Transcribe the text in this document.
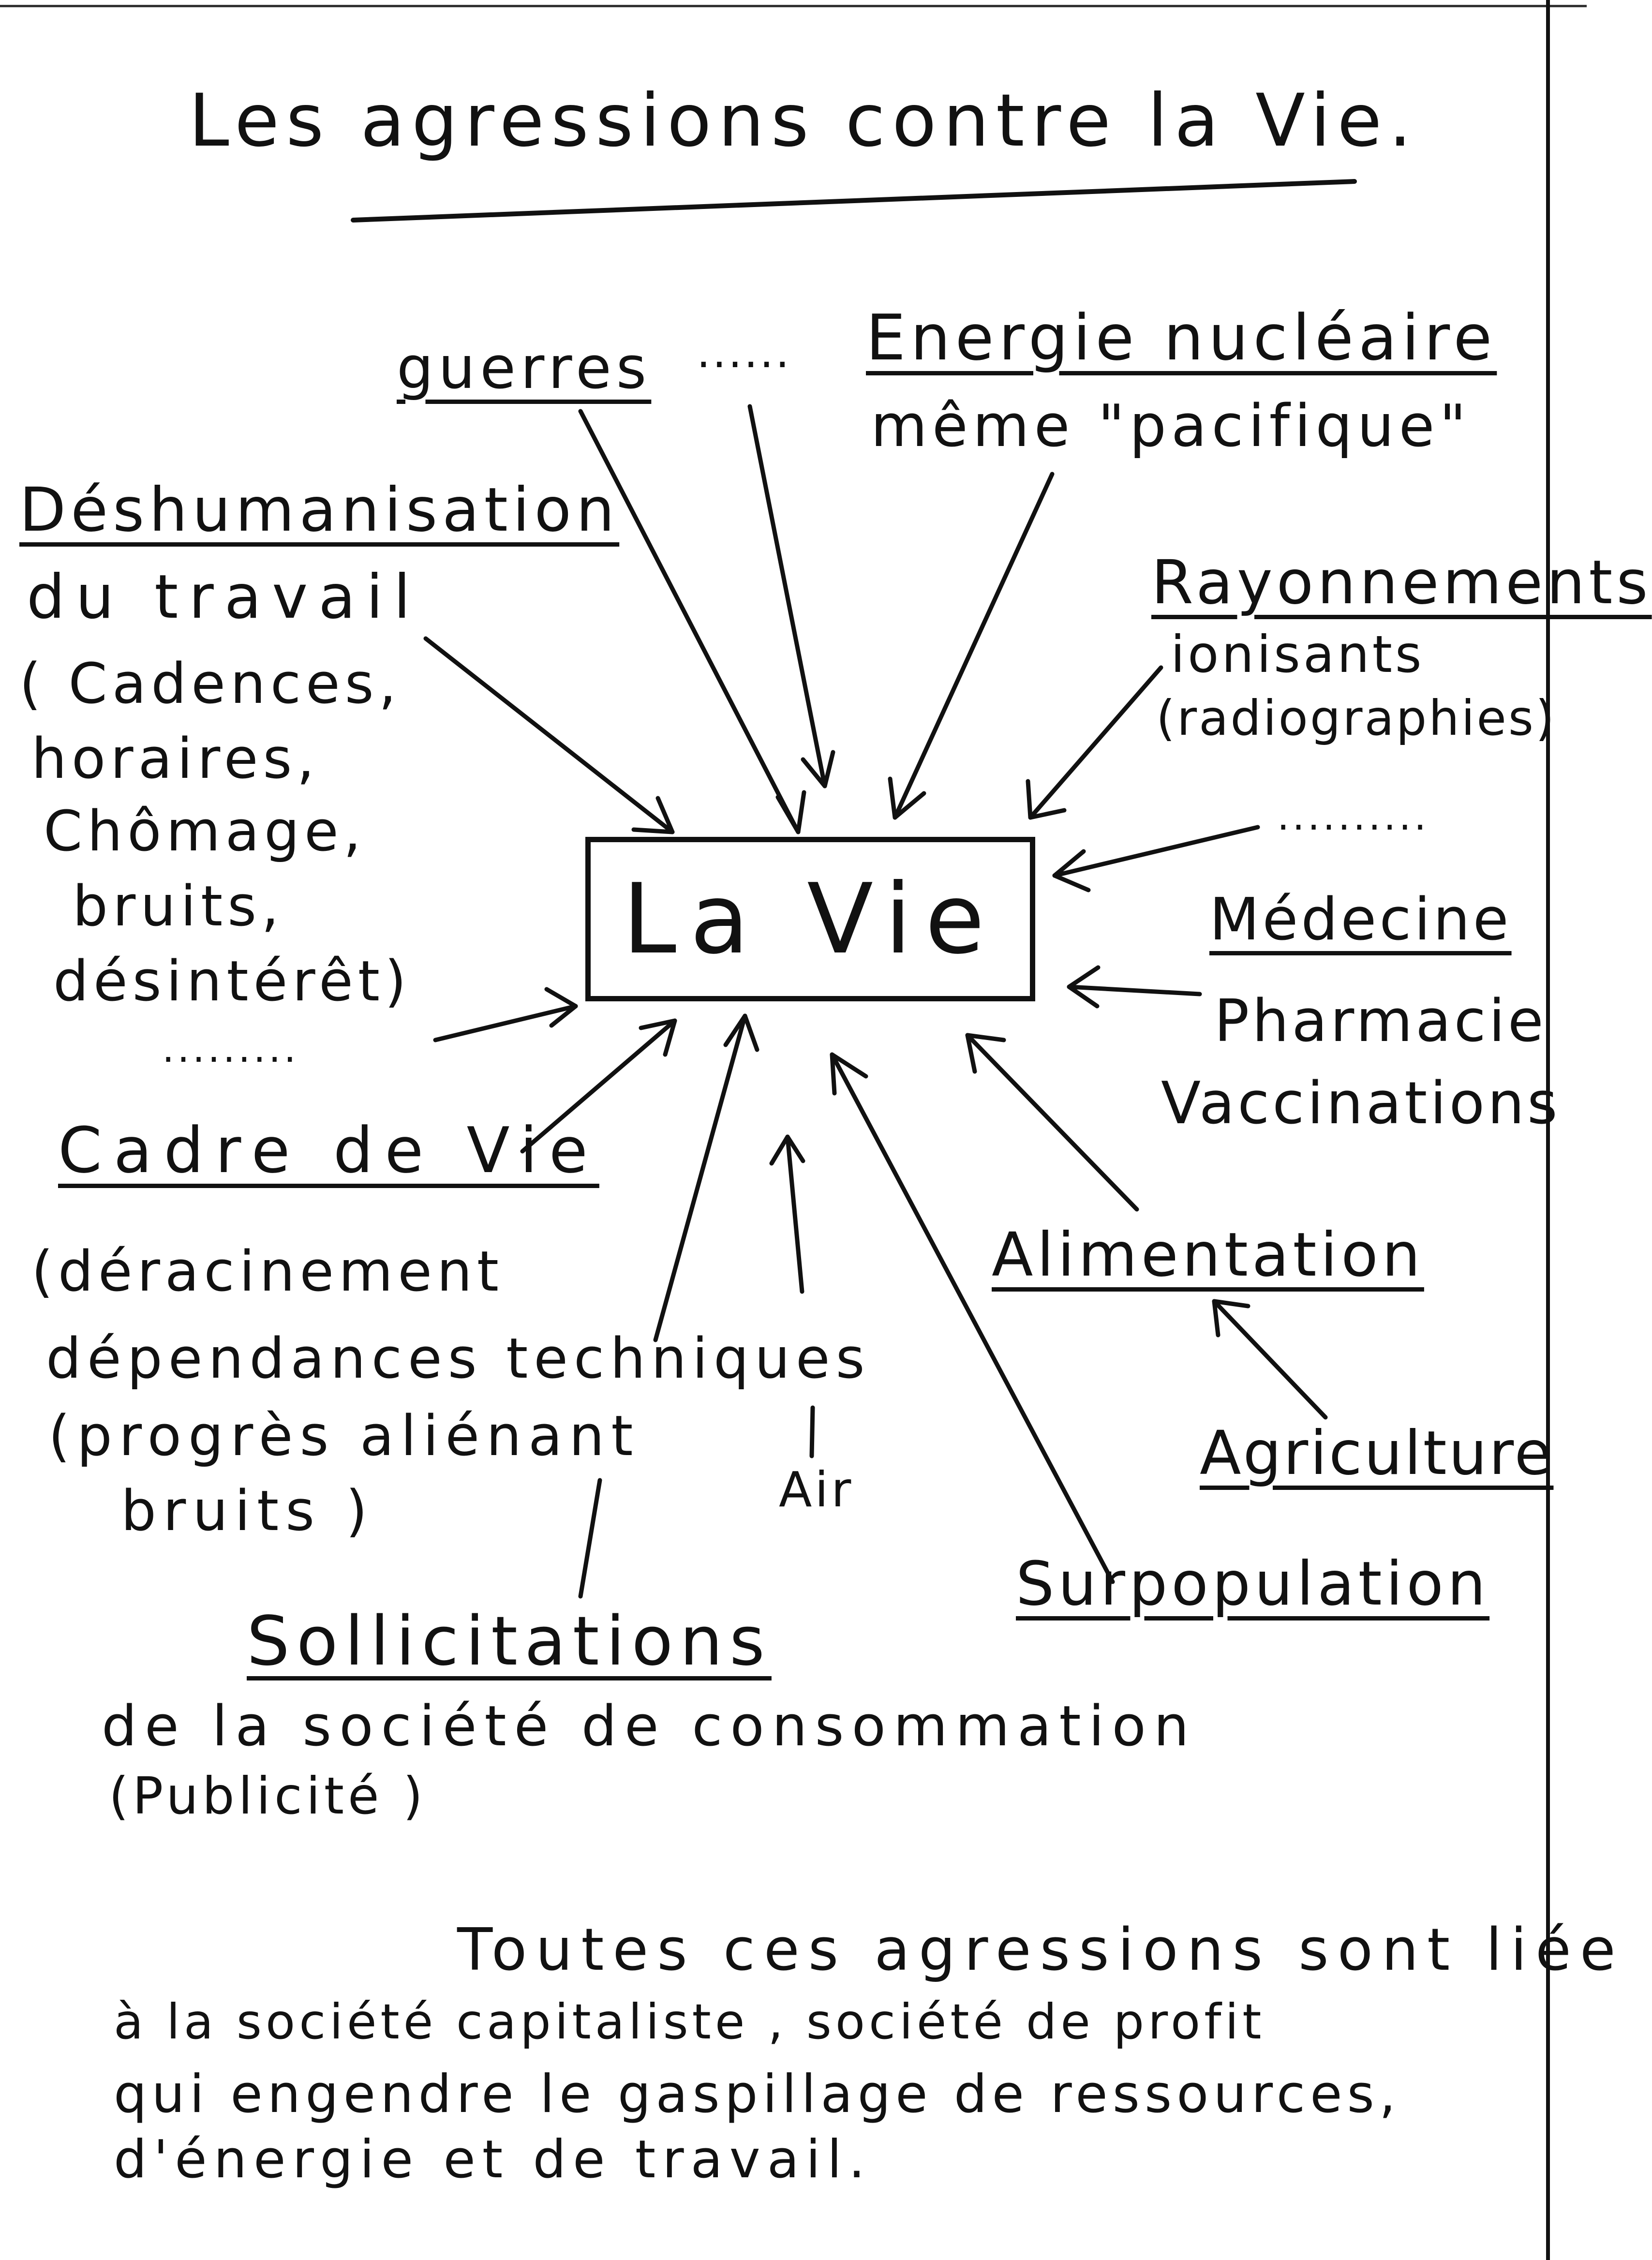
Les agressions contre la Vie.
guerres ...... Energie nucléaire
même "pacifique"
Déshumanisation
du travail
( Cadences,
horaires,
Chômage,
bruits,
désintérêt)
.........
Cadre de Vie
(déracinement
dépendances techniques
(progrès aliénant
bruits )
La Vie
Rayonnements
ionisants
(radiographies)
..........
Médecine
Pharmacie
Vaccinations
Alimentation
Air
Agriculture
Surpopulation
Sollicitations
de la société de consommation
(Publicité )
Toutes ces agressions sont liée
à la société capitaliste , société de profit
qui engendre le gaspillage de ressources,
d'énergie et de travail.
